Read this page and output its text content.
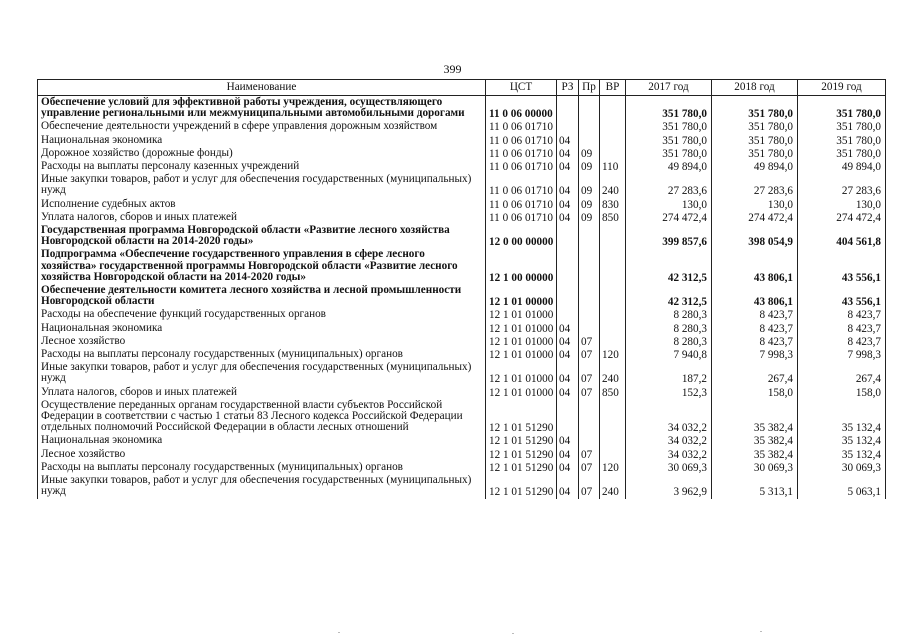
399
Наименование	ЦСТ	РЗ	Пр	ВР	2017 год	2018 год	2019 год
Обеспечение условий для эффективной работы учреждения, осуществляющего управление региональными или межмуниципальными автомобильными дорогами	11 0 06 00000				351 780,0	351 780,0	351 780,0
Обеспечение деятельности учреждений в сфере управления дорожным хозяйством	11 0 06 01710				351 780,0	351 780,0	351 780,0
Национальная экономика	11 0 06 01710	04			351 780,0	351 780,0	351 780,0
Дорожное хозяйство (дорожные фонды)	11 0 06 01710	04	09		351 780,0	351 780,0	351 780,0
Расходы на выплаты персоналу казенных учреждений	11 0 06 01710	04	09	110	49 894,0	49 894,0	49 894,0
Иные закупки товаров, работ и услуг для обеспечения государственных (муниципальных) нужд	11 0 06 01710	04	09	240	27 283,6	27 283,6	27 283,6
Исполнение судебных актов	11 0 06 01710	04	09	830	130,0	130,0	130,0
Уплата налогов, сборов и иных платежей	11 0 06 01710	04	09	850	274 472,4	274 472,4	274 472,4
Государственная программа Новгородской области «Развитие лесного хозяйства Новгородской области на 2014-2020 годы»	12 0 00 00000				399 857,6	398 054,9	404 561,8
Подпрограмма «Обеспечение государственного управления в сфере лесного хозяйства» государственной программы Новгородской области «Развитие лесного хозяйства Новгородской области на 2014-2020 годы»	12 1 00 00000				42 312,5	43 806,1	43 556,1
Обеспечение деятельности комитета лесного хозяйства и лесной промышленности Новгородской области	12 1 01 00000				42 312,5	43 806,1	43 556,1
Расходы на обеспечение функций государственных органов	12 1 01 01000				8 280,3	8 423,7	8 423,7
Национальная экономика	12 1 01 01000	04			8 280,3	8 423,7	8 423,7
Лесное хозяйство	12 1 01 01000	04	07		8 280,3	8 423,7	8 423,7
Расходы на выплаты персоналу государственных (муниципальных) органов	12 1 01 01000	04	07	120	7 940,8	7 998,3	7 998,3
Иные закупки товаров, работ и услуг для обеспечения государственных (муниципальных) нужд	12 1 01 01000	04	07	240	187,2	267,4	267,4
Уплата налогов, сборов и иных платежей	12 1 01 01000	04	07	850	152,3	158,0	158,0
Осуществление переданных органам государственной власти субъектов Российской Федерации в соответствии с частью 1 статьи 83 Лесного кодекса Российской Федерации отдельных полномочий Российской Федерации в области лесных отношений	12 1 01 51290				34 032,2	35 382,4	35 132,4
Национальная экономика	12 1 01 51290	04			34 032,2	35 382,4	35 132,4
Лесное хозяйство	12 1 01 51290	04	07		34 032,2	35 382,4	35 132,4
Расходы на выплаты персоналу государственных (муниципальных) органов	12 1 01 51290	04	07	120	30 069,3	30 069,3	30 069,3
Иные закупки товаров, работ и услуг для обеспечения государственных (муниципальных) нужд	12 1 01 51290	04	07	240	3 962,9	5 313,1	5 063,1
